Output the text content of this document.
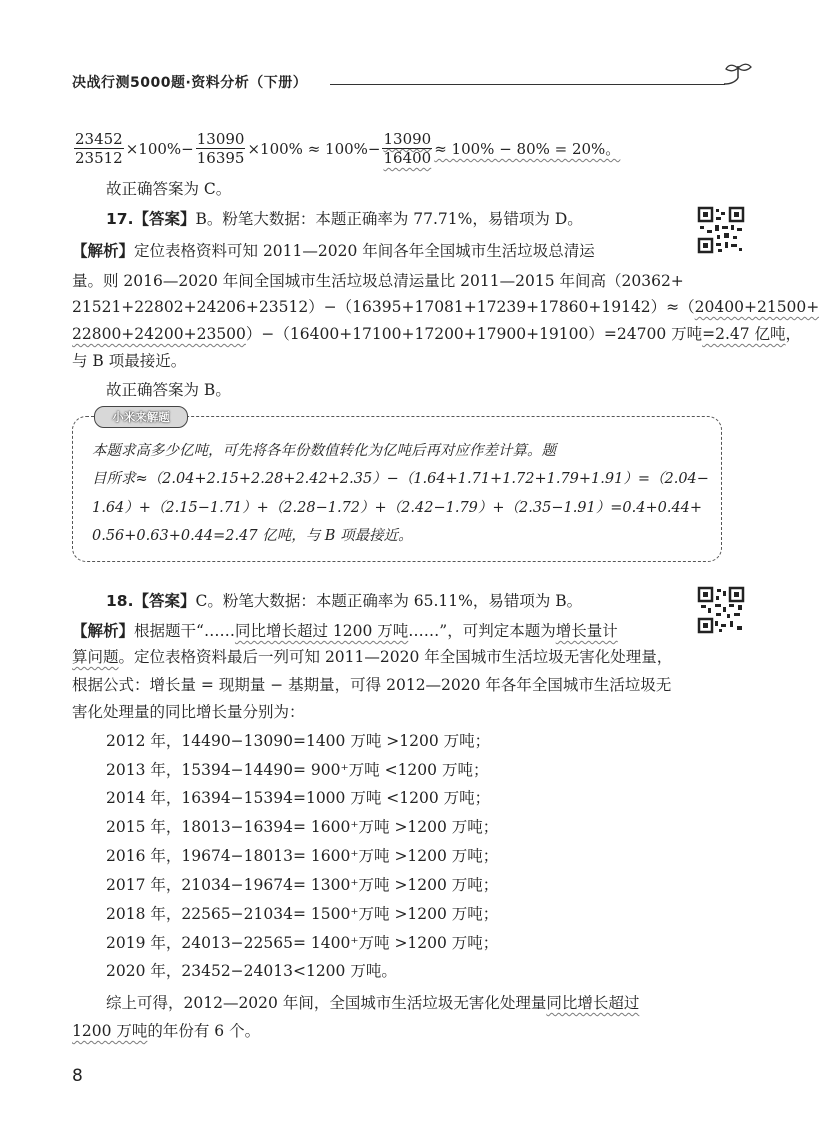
决战行测5000题·资料分析（下册）
$\frac{23452}{23512} \times 100\%- \frac{13090}{16395} \times 100\% \approx 100\%- \frac{13090}{16400} \approx 100\% - 80\% = 20\%$。
故正确答案为 C。
17.【答案】B。粉笔大数据：本题正确率为 77.71%，易错项为 D。
【解析】定位表格资料可知 2011—2020 年间各年全国城市生活垃圾总清运
量。则 2016—2020 年间全国城市生活垃圾总清运量比 2011—2015 年间高（20362+
21521+22802+24206+23512）−（16395+17081+17239+17860+19142）≈（20400+21500+
22800+24200+23500）−（16400+17100+17200+17900+19100）=24700 万吨=2.47 亿吨，
与 B 项最接近。
故正确答案为 B。
小米来解题
本题求高多少亿吨，可先将各年份数值转化为亿吨后再对应作差计算。题
目所求≈（2.04+2.15+2.28+2.42+2.35）−（1.64+1.71+1.72+1.79+1.91）=（2.04−
1.64）+（2.15−1.71）+（2.28−1.72）+（2.42−1.79）+（2.35−1.91）=0.4+0.44+
0.56+0.63+0.44=2.47 亿吨，与 B 项最接近。
18.【答案】C。粉笔大数据：本题正确率为 65.11%，易错项为 B。
【解析】根据题干“……同比增长超过 1200 万吨……”，可判定本题为增长量计
算问题。定位表格资料最后一列可知 2011—2020 年全国城市生活垃圾无害化处理量，
根据公式：增长量 = 现期量 − 基期量，可得 2012—2020 年各年全国城市生活垃圾无
害化处理量的同比增长量分别为：
2012 年，14490−13090=1400 万吨 >1200 万吨；
2013 年，15394−14490= 900⁺万吨 <1200 万吨；
2014 年，16394−15394=1000 万吨 <1200 万吨；
2015 年，18013−16394= 1600⁺万吨 >1200 万吨；
2016 年，19674−18013= 1600⁺万吨 >1200 万吨；
2017 年，21034−19674= 1300⁺万吨 >1200 万吨；
2018 年，22565−21034= 1500⁺万吨 >1200 万吨；
2019 年，24013−22565= 1400⁺万吨 >1200 万吨；
2020 年，23452−24013<1200 万吨。
综上可得，2012—2020 年间，全国城市生活垃圾无害化处理量同比增长超过
1200 万吨的年份有 6 个。
8
